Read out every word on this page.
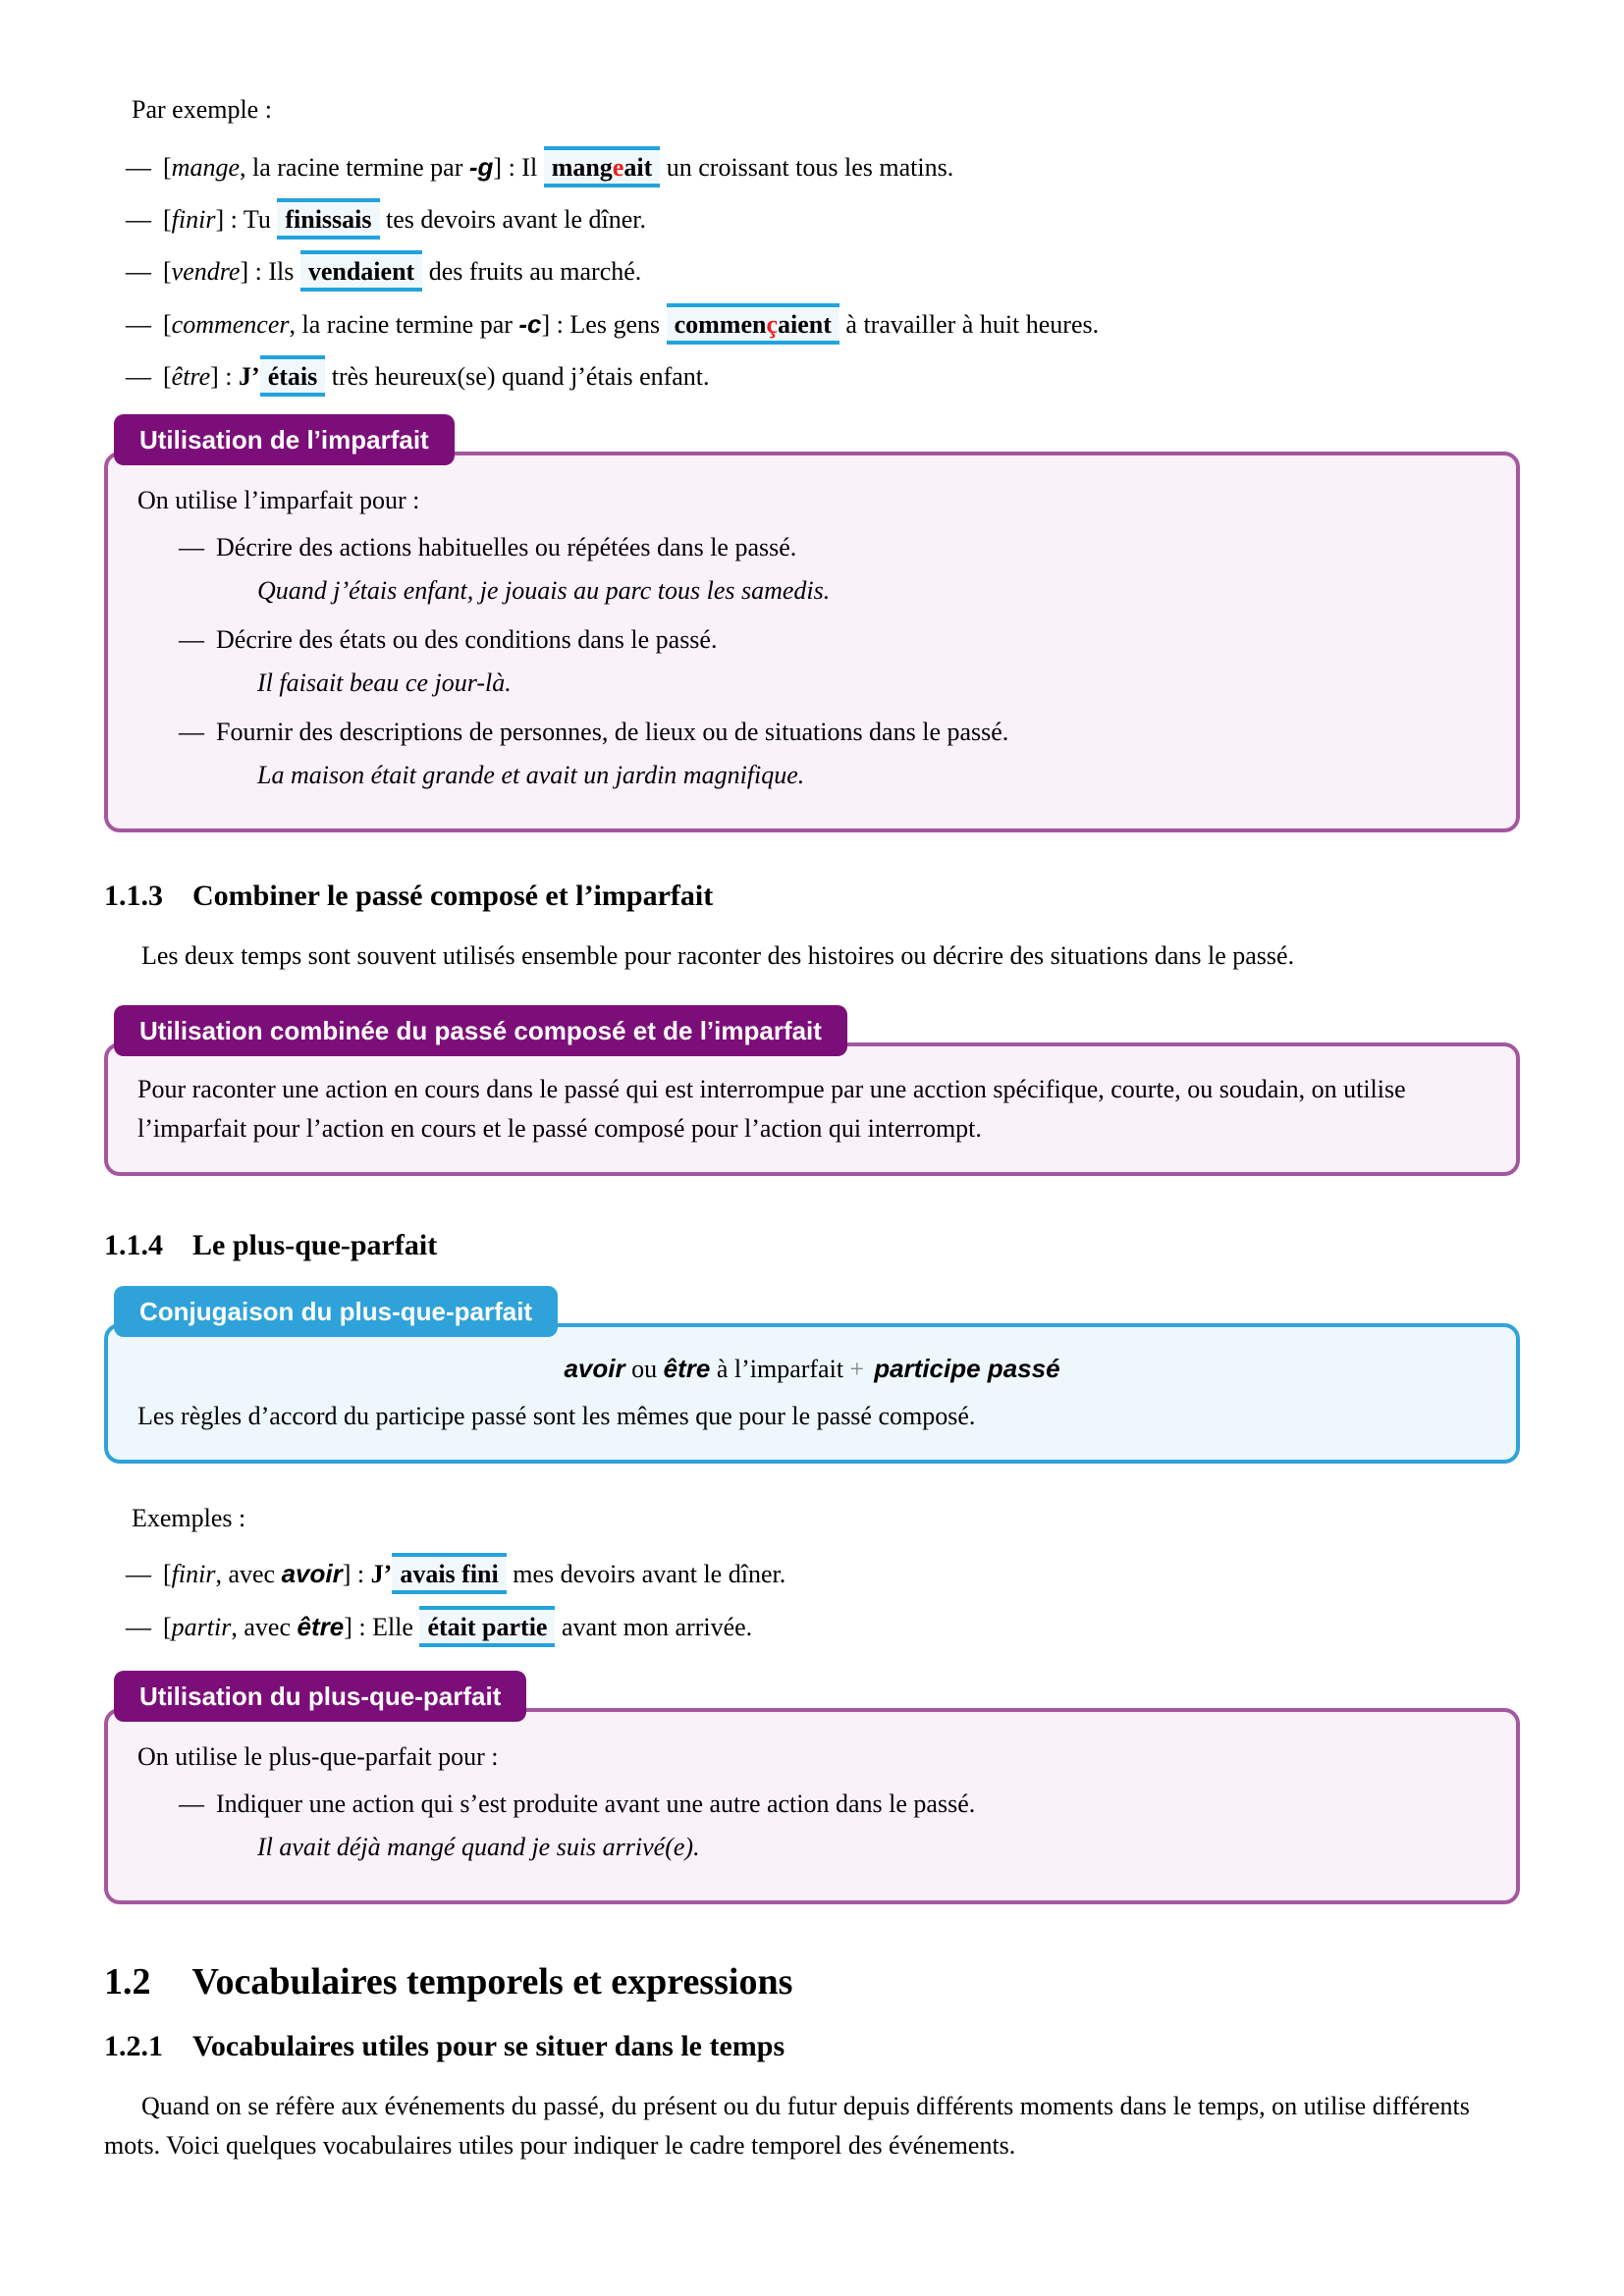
Par exemple :

— [mange, la racine termine par -g] : Il mangeait un croissant tous les matins.
— [finir] : Tu finissais tes devoirs avant le dîner.
— [vendre] : Ils vendaient des fruits au marché.
— [commencer, la racine termine par -c] : Les gens commençaient à travailler à huit heures.
— [être] : J’ étais très heureux(se) quand j’étais enfant.
Utilisation de l’imparfait

On utilise l’imparfait pour :

— Décrire des actions habituelles ou répétées dans le passé.

Quand j’étais enfant, je jouais au parc tous les samedis.

— Décrire des états ou des conditions dans le passé.

Il faisait beau ce jour-là.

— Fournir des descriptions de personnes, de lieux ou de situations dans le passé.

La maison était grande et avait un jardin magnifique.

1.1.3 Combiner le passé composé et l’imparfait

Les deux temps sont souvent utilisés ensemble pour raconter des histoires ou décrire des situations dans le passé.

Utilisation combinée du passé composé et de l’imparfait

Pour raconter une action en cours dans le passé qui est interrompue par une acction spécifique, courte, ou soudain, on utilise l’imparfait pour l’action en cours et le passé composé pour l’action qui interrompt.

1.1.4 Le plus-que-parfait
Conjugaison du plus-que-parfait

avoir ou être à l’imparfait + participe passé

Les règles d’accord du participe passé sont les mêmes que pour le passé composé.

Exemples :

— [finir, avec avoir] : J’ avais fini mes devoirs avant le dîner.
— [partir, avec être] : Elle était partie avant mon arrivée.
Utilisation du plus-que-parfait

On utilise le plus-que-parfait pour :

— Indiquer une action qui s’est produite avant une autre action dans le passé.

Il avait déjà mangé quand je suis arrivé(e).

1.2 Vocabulaires temporels et expressions
1.2.1 Vocabulaires utiles pour se situer dans le temps

Quand on se réfère aux événements du passé, du présent ou du futur depuis différents moments dans le temps, on utilise différents mots. Voici quelques vocabulaires utiles pour indiquer le cadre temporel des événements.
